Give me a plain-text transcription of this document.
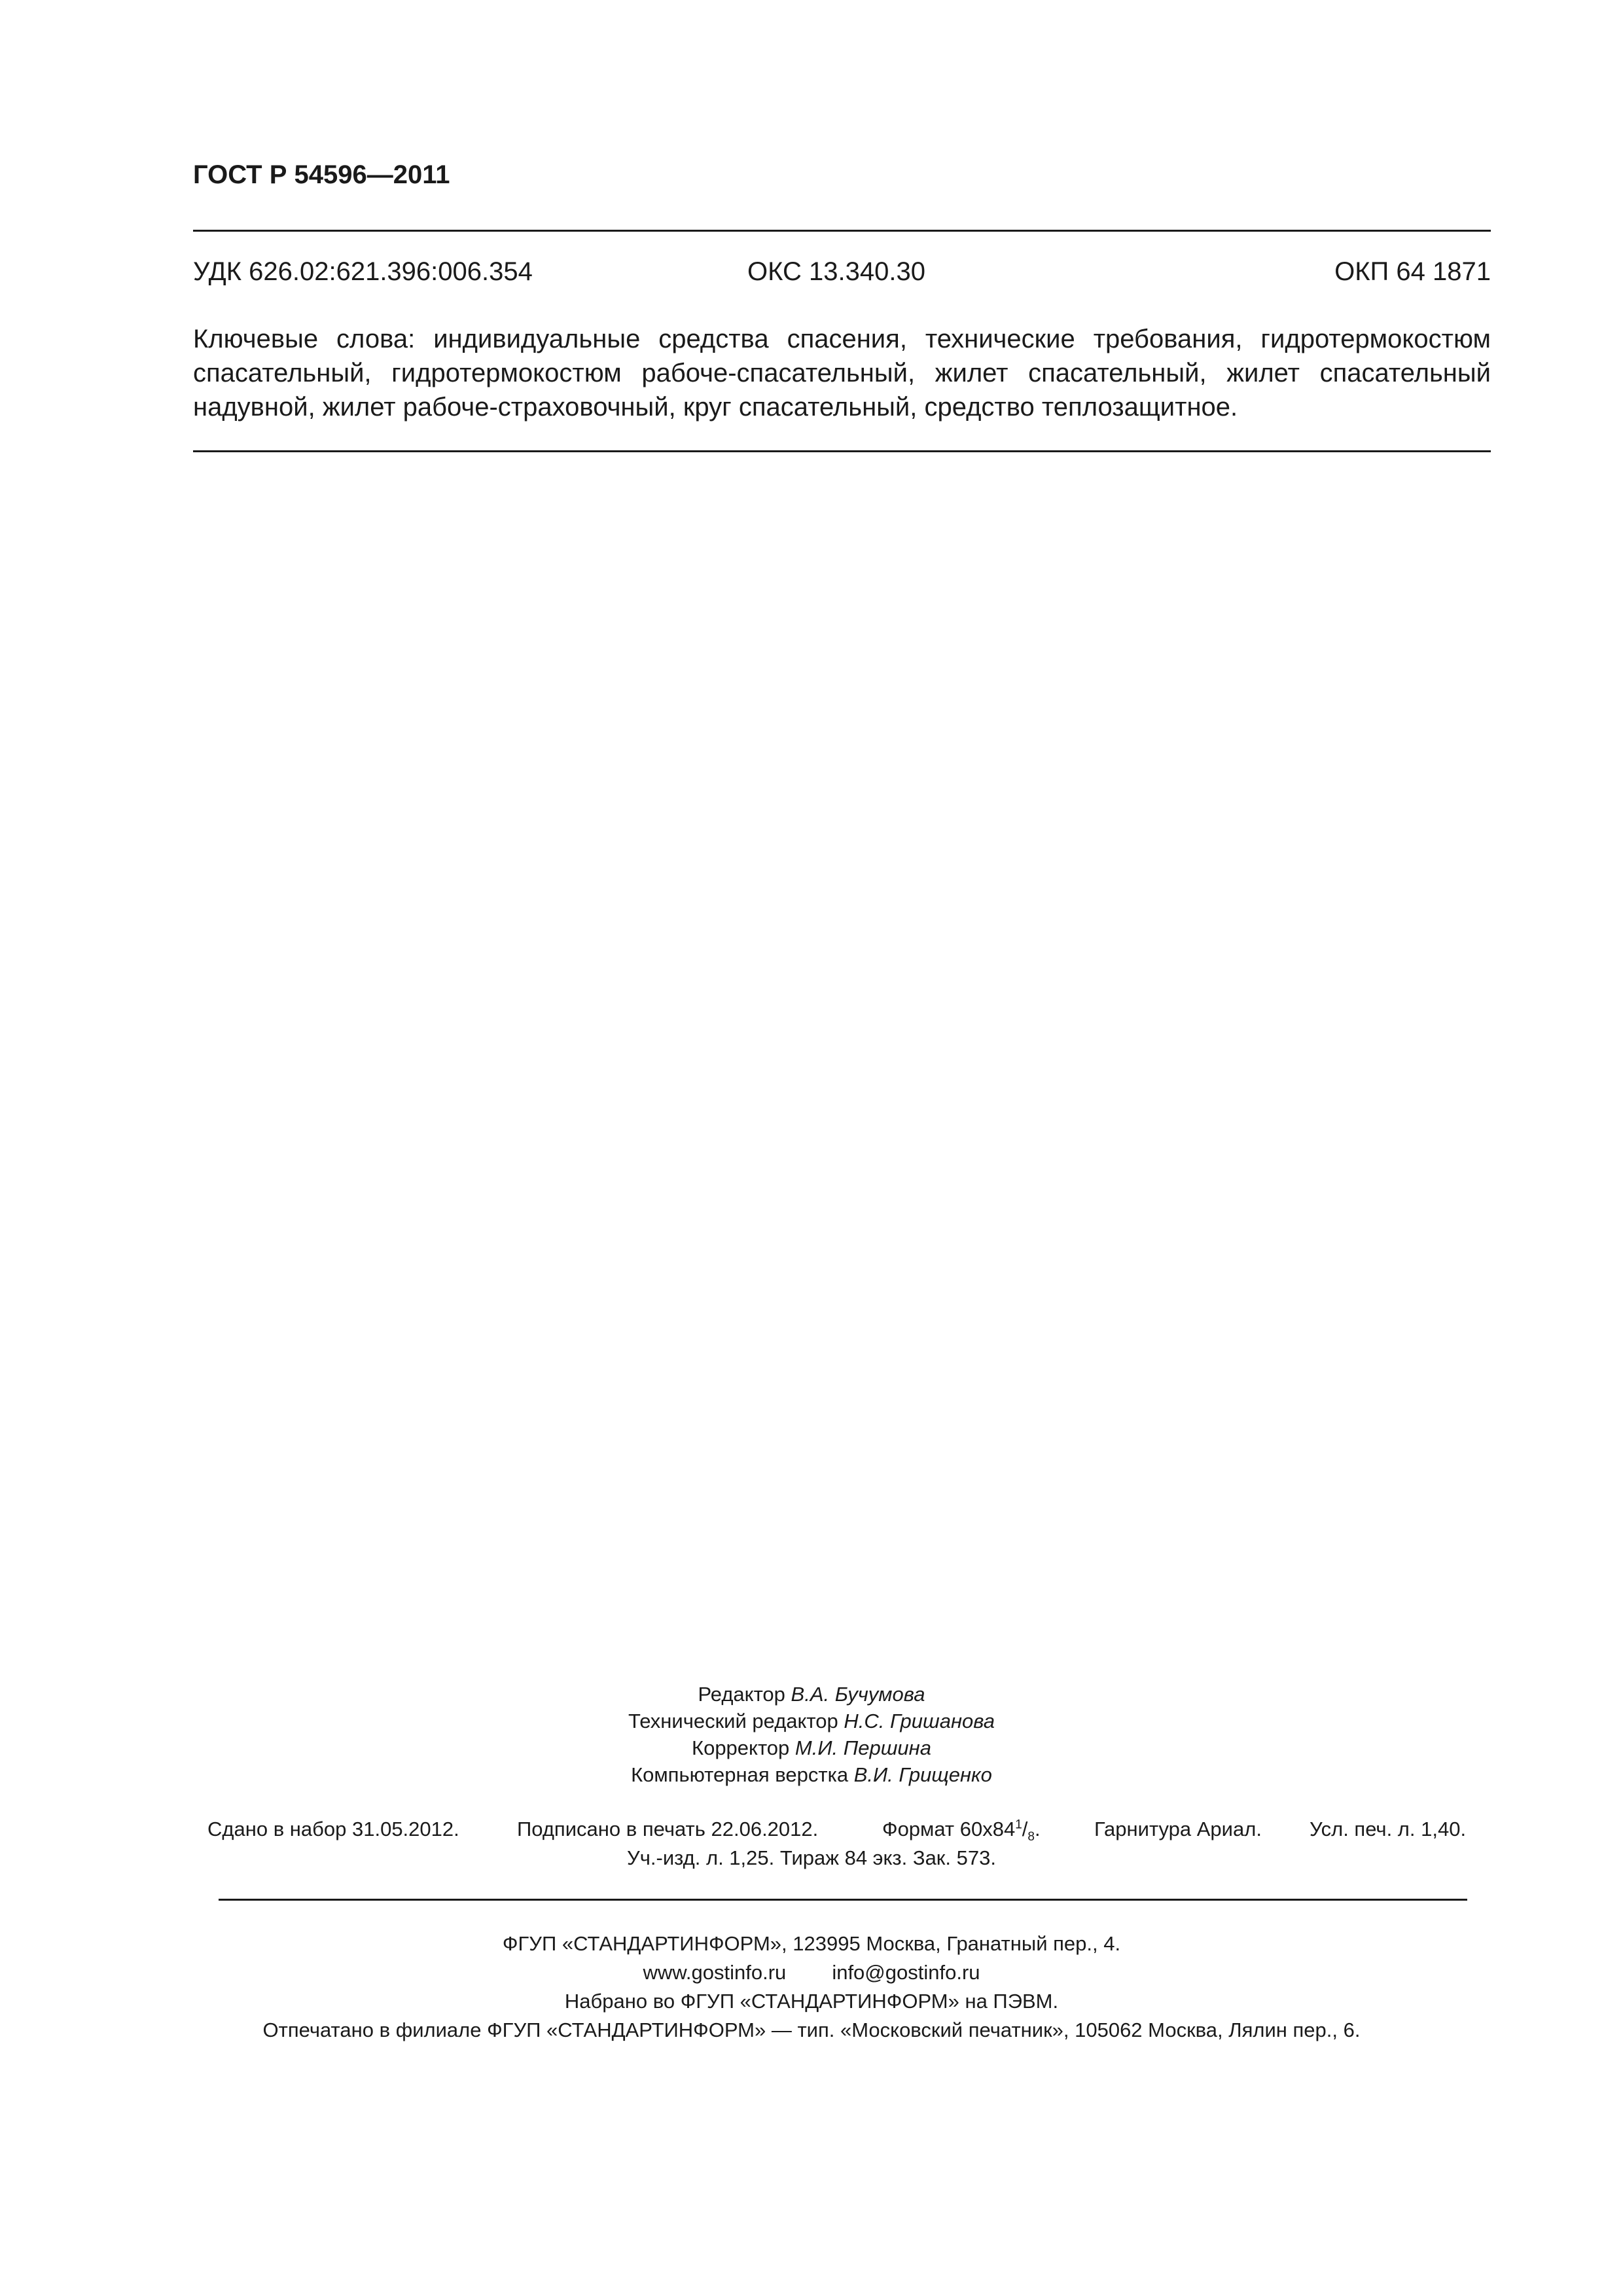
ГОСТ Р 54596—2011
УДК 626.02:621.396:006.354	ОКС 13.340.30	ОКП 64 1871
Ключевые слова: индивидуальные средства спасения, технические требования, гидротермокостюм спасательный, гидротермокостюм рабоче-спасательный, жилет спасательный, жилет спасательный надувной, жилет рабоче-страховочный, круг спасательный, средство теплозащитное.
Редактор В.А. Бучумова
Технический редактор Н.С. Гришанова
Корректор М.И. Першина
Компьютерная верстка В.И. Грищенко
Сдано в набор 31.05.2012.	Подписано в печать 22.06.2012.	Формат $60x84^1/_8$.	Гарнитура Ариал. Усл. печ. л. 1,40.
Уч.-изд. л. 1,25. Тираж 84 экз. Зак. 573.
ФГУП «СТАНДАРТИНФОРМ», 123995 Москва, Гранатный пер., 4.
www.gostinfo.ru info@gostinfo.ru
Набрано во ФГУП «СТАНДАРТИНФОРМ» на ПЭВМ.
Отпечатано в филиале ФГУП «СТАНДАРТИНФОРМ» — тип. «Московский печатник», 105062 Москва, Лялин пер., 6.
